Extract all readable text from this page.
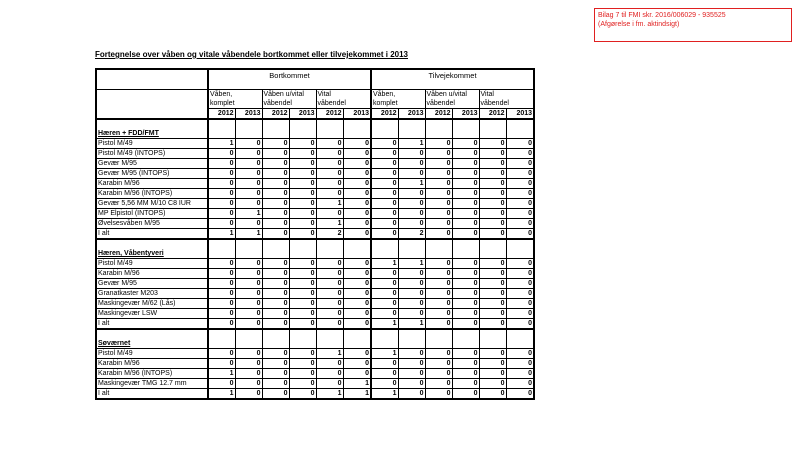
Bilag 7 til FMI skr. 2016/006029 - 935525
(Afgørelse i fm. aktindsigt)
Fortegnelse over våben og vitale våbendele bortkommet eller tilvejekommet i 2013
	Bortkommet						Tilvejekommet					

	Våben,		Våben u/vital		Vital		Våben,		Våben u/vital		Vital	
	komplet		våbendel		våbendel		komplet		våbendel		våbendel	
	2012	2013	2012	2013	2012	2013	2012	2013	2012	2013	2012	2013

Hæren + FDD/FMT												
Pistol M/49	1	0	0	0	0	0	0	1	0	0	0	0
Pistol M/49 (INTOPS)	0	0	0	0	0	0	0	0	0	0	0	0
Gevær M/95	0	0	0	0	0	0	0	0	0	0	0	0
Gevær M/95 (INTOPS)	0	0	0	0	0	0	0	0	0	0	0	0
Karabin M/96	0	0	0	0	0	0	0	1	0	0	0	0
Karabin M/96 (INTOPS)	0	0	0	0	0	0	0	0	0	0	0	0
Gevær 5,56 MM M/10 C8 IUR	0	0	0	0	1	0	0	0	0	0	0	0
MP Elpistol (INTOPS)	0	1	0	0	0	0	0	0	0	0	0	0
Øvelsesvåben M/95	0	0	0	0	1	0	0	0	0	0	0	0
I alt	1	1	0	0	2	0	0	2	0	0	0	0

Hæren, Våbentyveri												
Pistol M/49	0	0	0	0	0	0	1	1	0	0	0	0
Karabin M/96	0	0	0	0	0	0	0	0	0	0	0	0
Gevær M/95	0	0	0	0	0	0	0	0	0	0	0	0
Granatkaster M203	0	0	0	0	0	0	0	0	0	0	0	0
Maskingevær M/62 (Lås)	0	0	0	0	0	0	0	0	0	0	0	0
Maskingevær LSW	0	0	0	0	0	0	0	0	0	0	0	0
I alt	0	0	0	0	0	0	1	1	0	0	0	0

Søværnet												
Pistol M/49	0	0	0	0	1	0	1	0	0	0	0	0
Karabin M/96	0	0	0	0	0	0	0	0	0	0	0	0
Karabin M/96 (INTOPS)	1	0	0	0	0	0	0	0	0	0	0	0
Maskingevær TMG 12.7 mm	0	0	0	0	0	1	0	0	0	0	0	0
I alt	1	0	0	0	1	1	1	0	0	0	0	0
